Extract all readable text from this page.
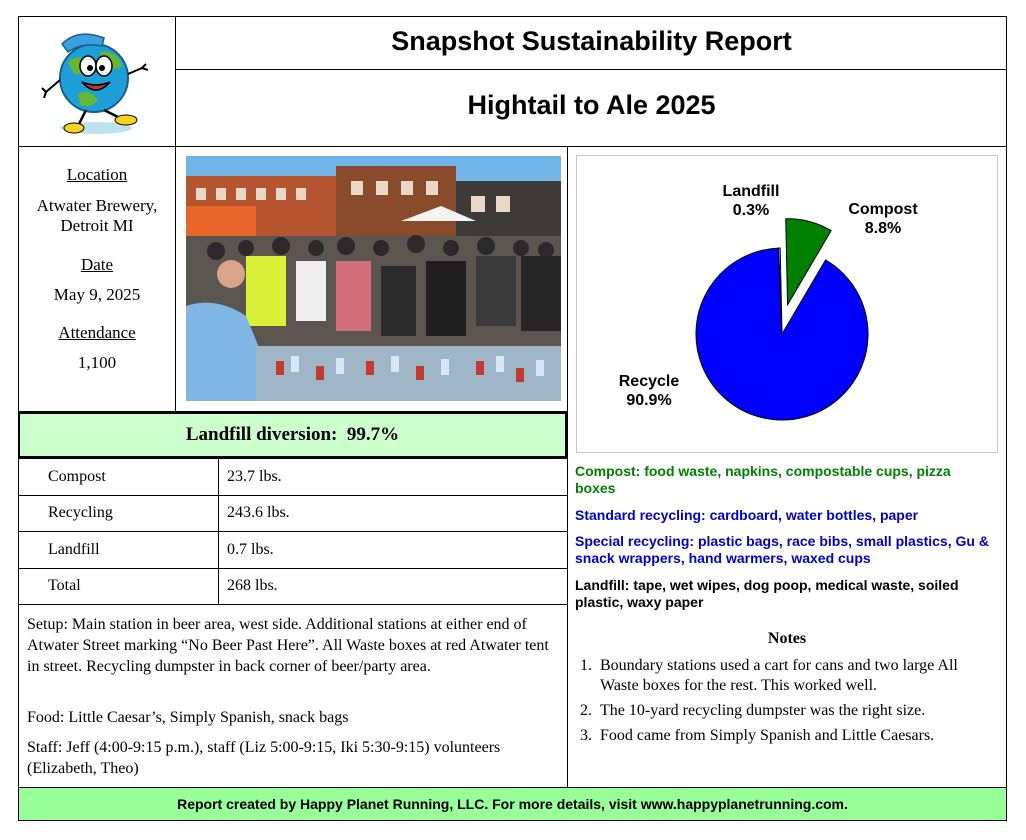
Snapshot Sustainability Report
Hightail to Ale 2025
Location
Atwater Brewery, Detroit MI
Date
May 9, 2025
Attendance
1,100
Landfill diversion: 99.7%
Compost	23.7 lbs.
Recycling	243.6 lbs.
Landfill	0.7 lbs.
Total	268 lbs.
Setup: Main station in beer area, west side. Additional stations at either end of Atwater Street marking “No Beer Past Here”. All Waste boxes at red Atwater tent in street. Recycling dumpster in back corner of beer/party area.
Food: Little Caesar’s, Simply Spanish, snack bags
Staff: Jeff (4:00-9:15 p.m.), staff (Liz 5:00-9:15, Iki 5:30-9:15) volunteers (Elizabeth, Theo)
Landfill
0.3%	Compost
8.8%
Recycle
90.9%
Compost: food waste, napkins, compostable cups, pizza boxes
Standard recycling: cardboard, water bottles, paper
Special recycling: plastic bags, race bibs, small plastics, Gu & snack wrappers, hand warmers, waxed cups
Landfill: tape, wet wipes, dog poop, medical waste, soiled plastic, waxy paper
Notes
1. Boundary stations used a cart for cans and two large All Waste boxes for the rest. This worked well.
2. The 10-yard recycling dumpster was the right size.
3. Food came from Simply Spanish and Little Caesars.
Report created by Happy Planet Running, LLC. For more details, visit www.happyplanetrunning.com.
